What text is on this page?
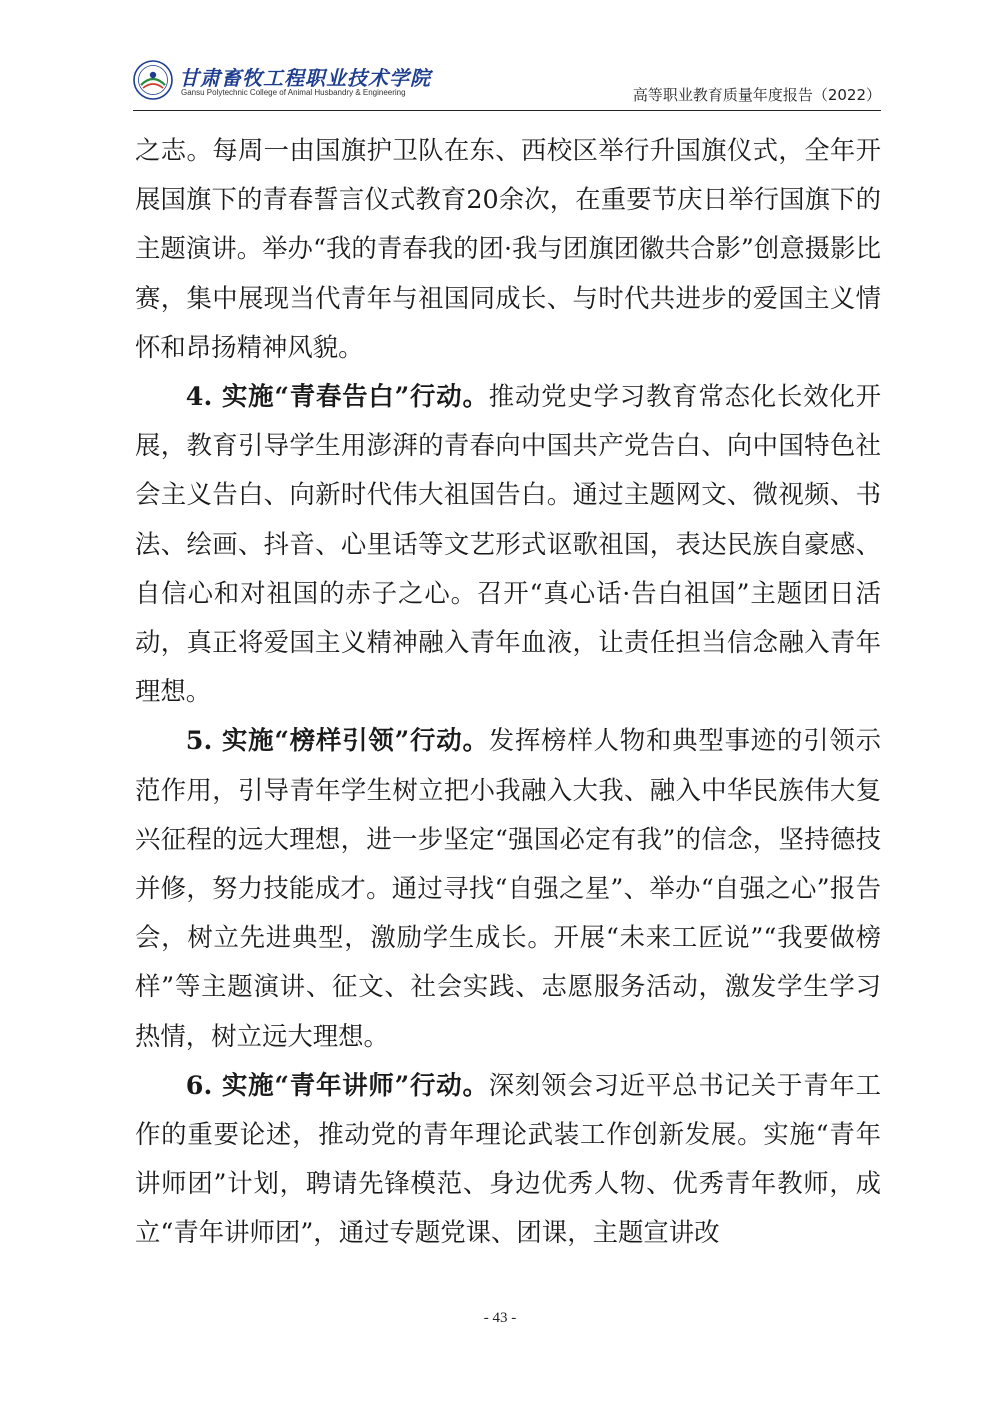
甘肃畜牧工程职业技术学院
Gansu Polytechnic College of Animal Husbandry & Engineering	高等职业教育质量年度报告（2022）

之志。每周一由国旗护卫队在东、西校区举行升国旗仪式，全年开展国旗下的青春誓言仪式教育20余次，在重要节庆日举行国旗下的主题演讲。举办“我的青春我的团·我与团旗团徽共合影”创意摄影比赛，集中展现当代青年与祖国同成长、与时代共进步的爱国主义情怀和昂扬精神风貌。

4. 实施“青春告白”行动。推动党史学习教育常态化长效化开展，教育引导学生用澎湃的青春向中国共产党告白、向中国特色社会主义告白、向新时代伟大祖国告白。通过主题网文、微视频、书法、绘画、抖音、心里话等文艺形式讴歌祖国，表达民族自豪感、自信心和对祖国的赤子之心。召开“真心话·告白祖国”主题团日活动，真正将爱国主义精神融入青年血液，让责任担当信念融入青年理想。

5. 实施“榜样引领”行动。发挥榜样人物和典型事迹的引领示范作用，引导青年学生树立把小我融入大我、融入中华民族伟大复兴征程的远大理想，进一步坚定“强国必定有我”的信念，坚持德技并修，努力技能成才。通过寻找“自强之星”、举办“自强之心”报告会，树立先进典型，激励学生成长。开展“未来工匠说”“我要做榜样”等主题演讲、征文、社会实践、志愿服务活动，激发学生学习热情，树立远大理想。

6. 实施“青年讲师”行动。深刻领会习近平总书记关于青年工作的重要论述，推动党的青年理论武装工作创新发展。实施“青年讲师团”计划，聘请先锋模范、身边优秀人物、优秀青年教师，成立“青年讲师团”，通过专题党课、团课，主题宣讲改

- 43 -
